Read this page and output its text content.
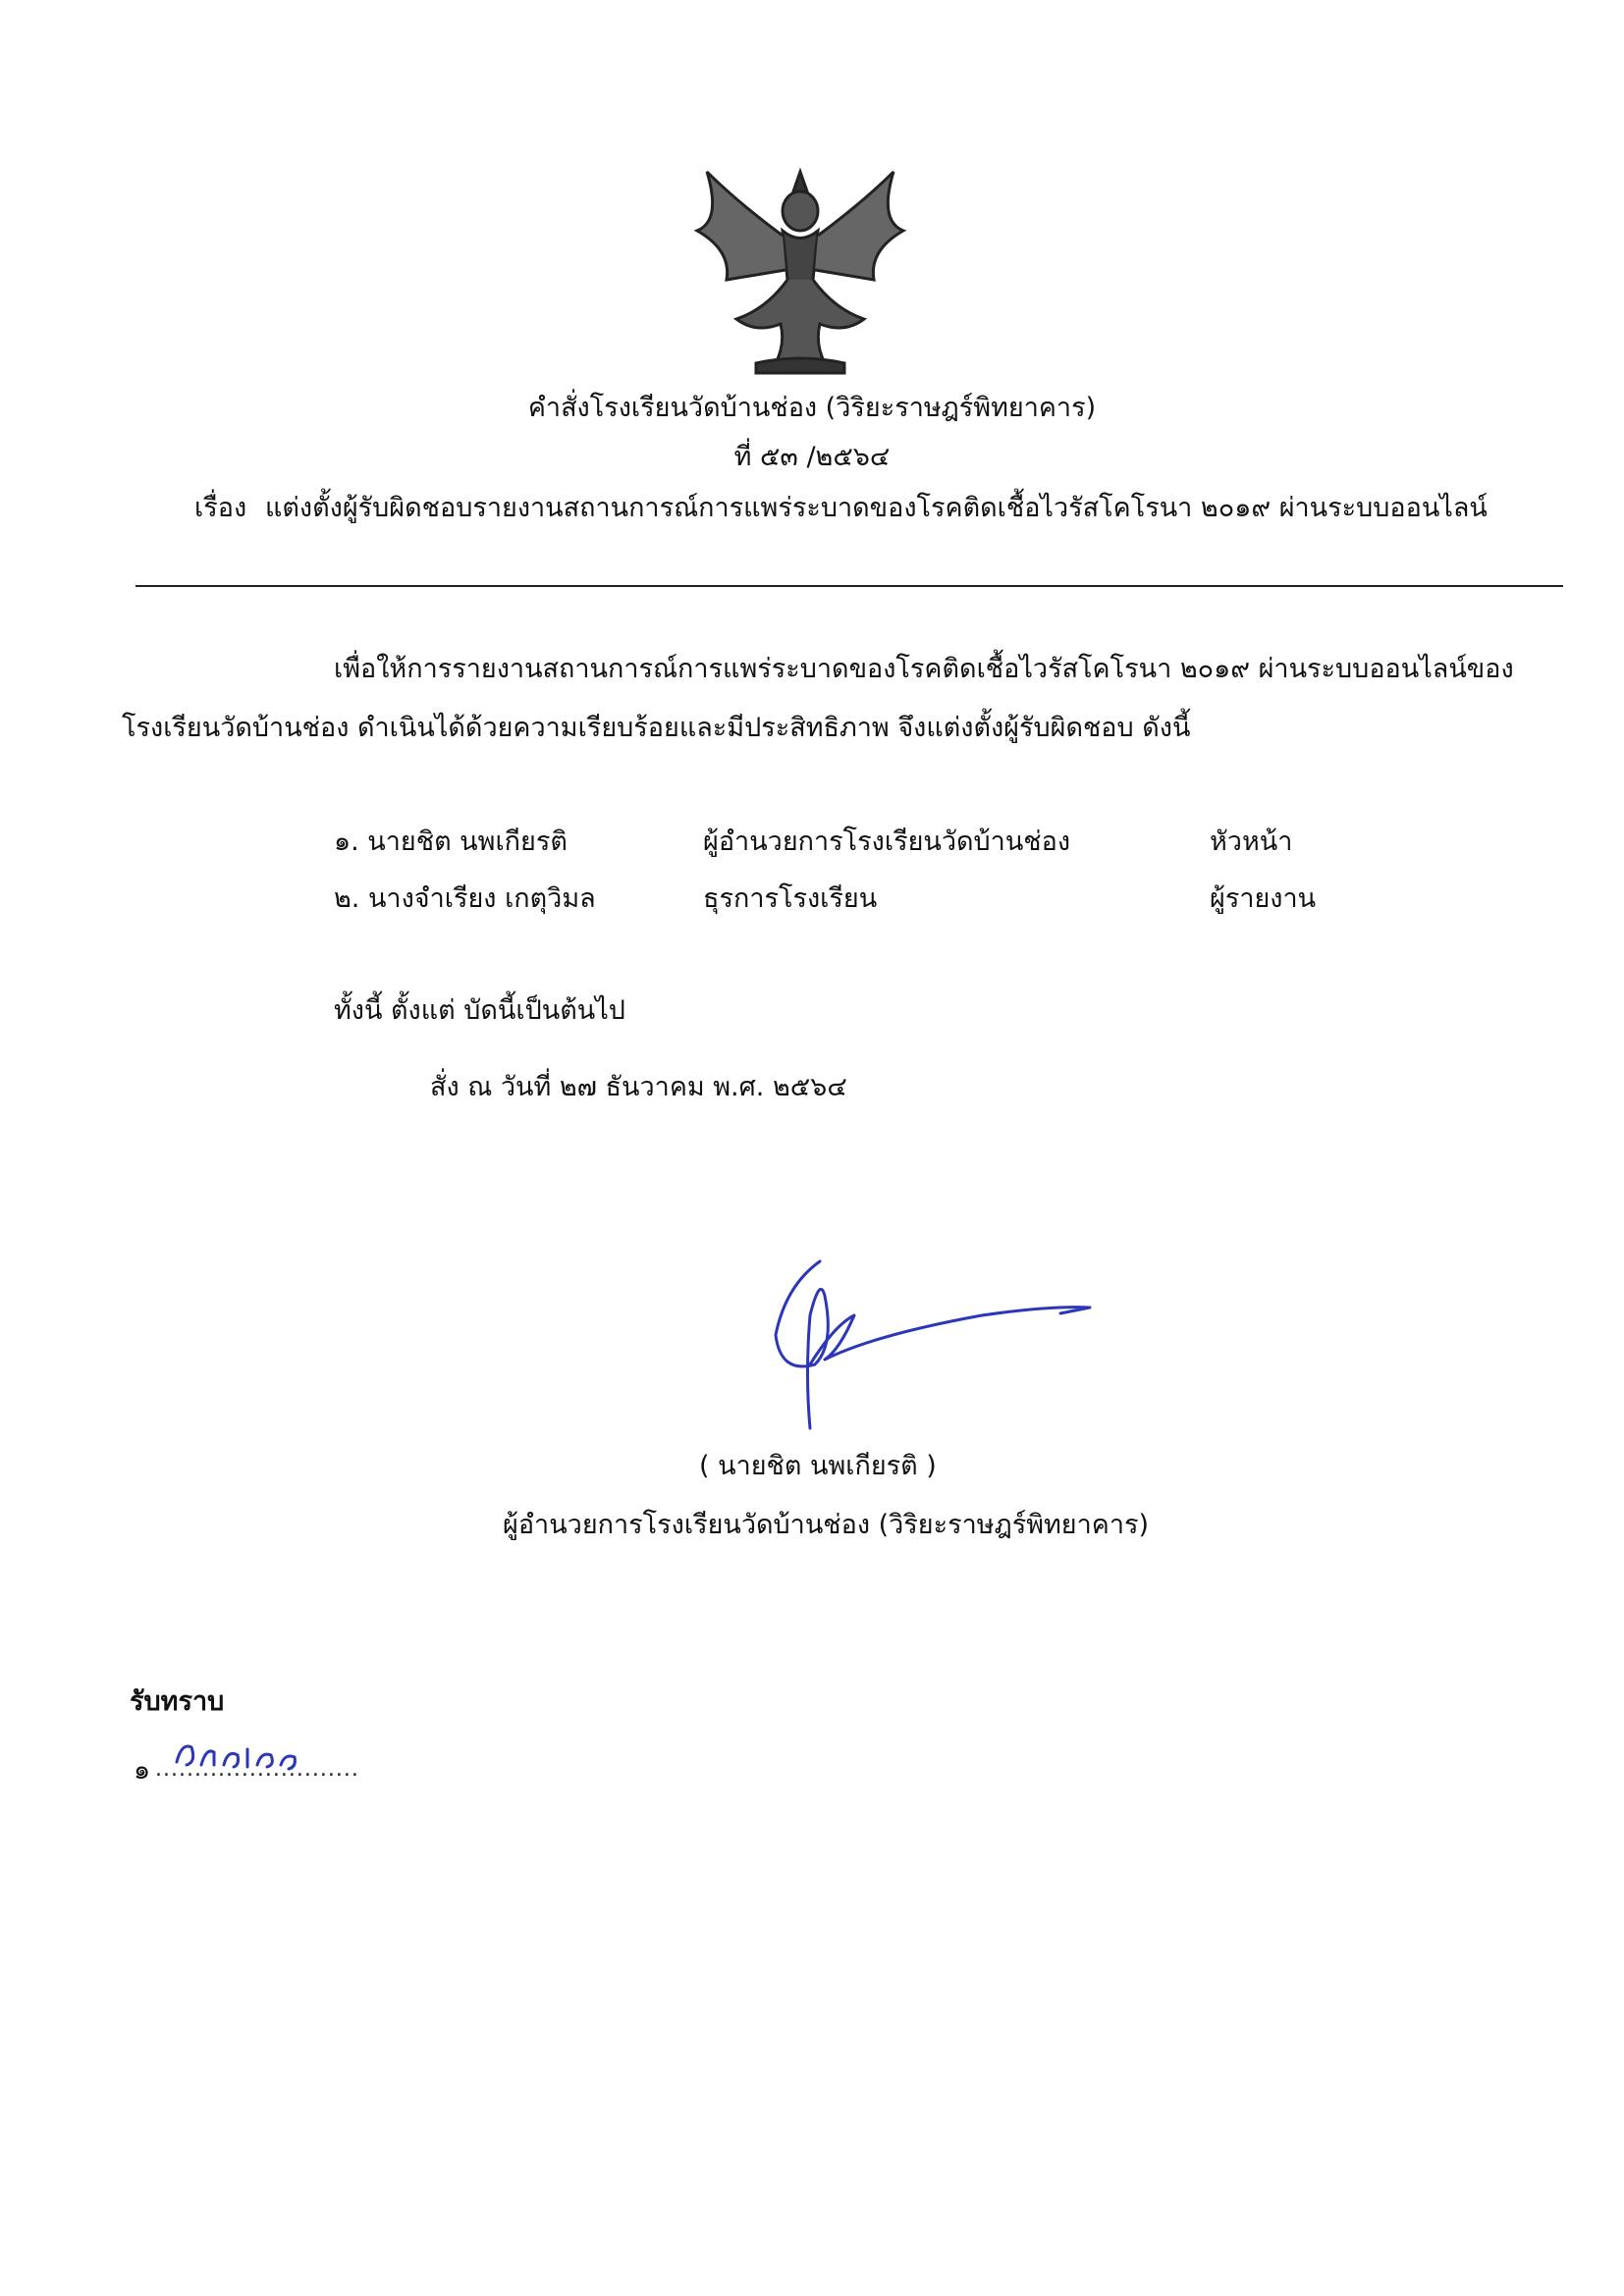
คำสั่งโรงเรียนวัดบ้านช่อง (วิริยะราษฎร์พิทยาคาร)
ที่ ๕๓ /๒๕๖๔
เรื่อง แต่งตั้งผู้รับผิดชอบรายงานสถานการณ์การแพร่ระบาดของโรคติดเชื้อไวรัสโคโรนา ๒๐๑๙ ผ่านระบบออนไลน์
เพื่อให้การรายงานสถานการณ์การแพร่ระบาดของโรคติดเชื้อไวรัสโคโรนา ๒๐๑๙ ผ่านระบบออนไลน์ของ
โรงเรียนวัดบ้านช่อง ดำเนินได้ด้วยความเรียบร้อยและมีประสิทธิภาพ จึงแต่งตั้งผู้รับผิดชอบ ดังนี้
๑. นายชิต นพเกียรติ	ผู้อำนวยการโรงเรียนวัดบ้านช่อง	หัวหน้า
๒. นางจำเรียง เกตุวิมล	ธุรการโรงเรียน	ผู้รายงาน
ทั้งนี้ ตั้งแต่ บัดนี้เป็นต้นไป
สั่ง ณ วันที่ ๒๗ ธันวาคม พ.ศ. ๒๕๖๔
( นายชิต นพเกียรติ )
ผู้อำนวยการโรงเรียนวัดบ้านช่อง (วิริยะราษฎร์พิทยาคาร)
รับทราบ
๑ ..........................
